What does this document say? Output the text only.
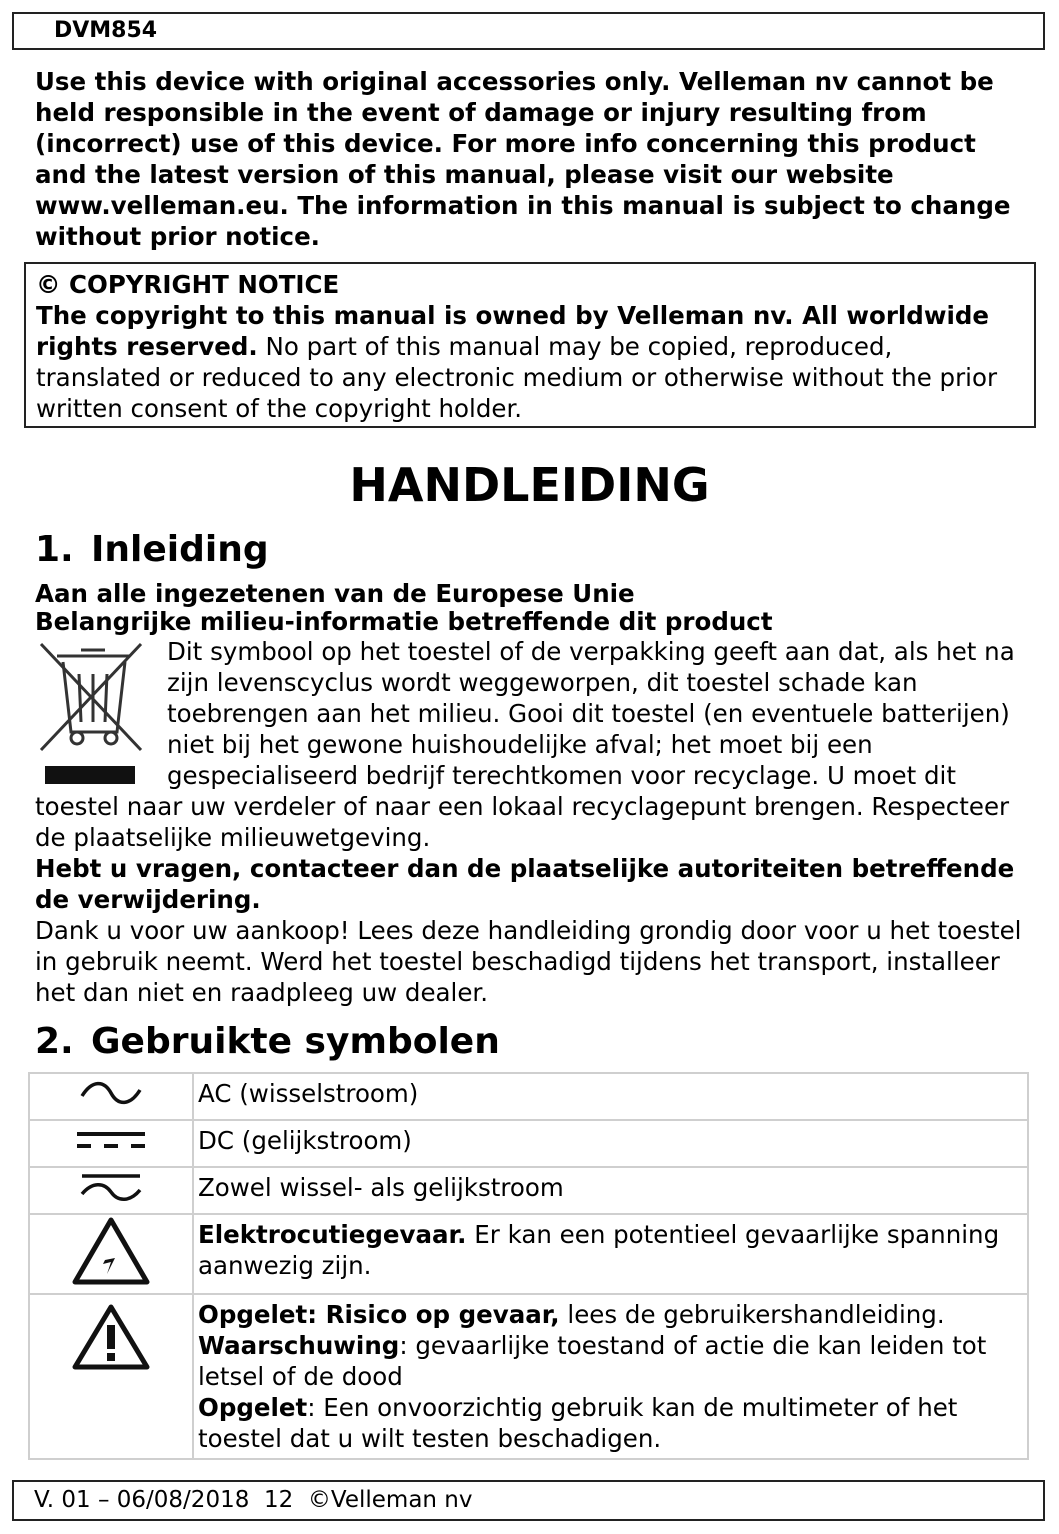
DVM854

Use this device with original accessories only. Velleman nv cannot be held responsible in the event of damage or injury resulting from (incorrect) use of this device. For more info concerning this product and the latest version of this manual, please visit our website www.velleman.eu. The information in this manual is subject to change without prior notice.

© COPYRIGHT NOTICE

The copyright to this manual is owned by Velleman nv. All worldwide rights reserved. No part of this manual may be copied, reproduced, translated or reduced to any electronic medium or otherwise without the prior written consent of the copyright holder.

HANDLEIDING
1. Inleiding

Aan alle ingezetenen van de Europese Unie

Belangrijke milieu-informatie betreffende dit product

Dit symbool op het toestel of de verpakking geeft aan dat, als het na zijn levenscyclus wordt weggeworpen, dit toestel schade kan toebrengen aan het milieu. Gooi dit toestel (en eventuele batterijen) niet bij het gewone huishoudelijke afval; het moet bij een gespecialiseerd bedrijf terechtkomen voor recyclage. U moet dit toestel naar uw verdeler of naar een lokaal recyclagepunt brengen. Respecteer de plaatselijke milieuwetgeving.

Hebt u vragen, contacteer dan de plaatselijke autoriteiten betreffende de verwijdering.

Dank u voor uw aankoop! Lees deze handleiding grondig door voor u het toestel in gebruik neemt. Werd het toestel beschadigd tijdens het transport, installeer het dan niet en raadpleeg uw dealer.

2. Gebruikte symbolen

AC (wisselstroom)

DC (gelijkstroom)

Zowel wissel- als gelijkstroom

Elektrocutiegevaar. Er kan een potentieel gevaarlijke spanning aanwezig zijn.

Opgelet: Risico op gevaar, lees de gebruikershandleiding.

Waarschuwing: gevaarlijke toestand of actie die kan leiden tot letsel of de dood

Opgelet: Een onvoorzichtig gebruik kan de multimeter of het toestel dat u wilt testen beschadigen.

V. 01 – 06/08/2018 12 ©Velleman nv
